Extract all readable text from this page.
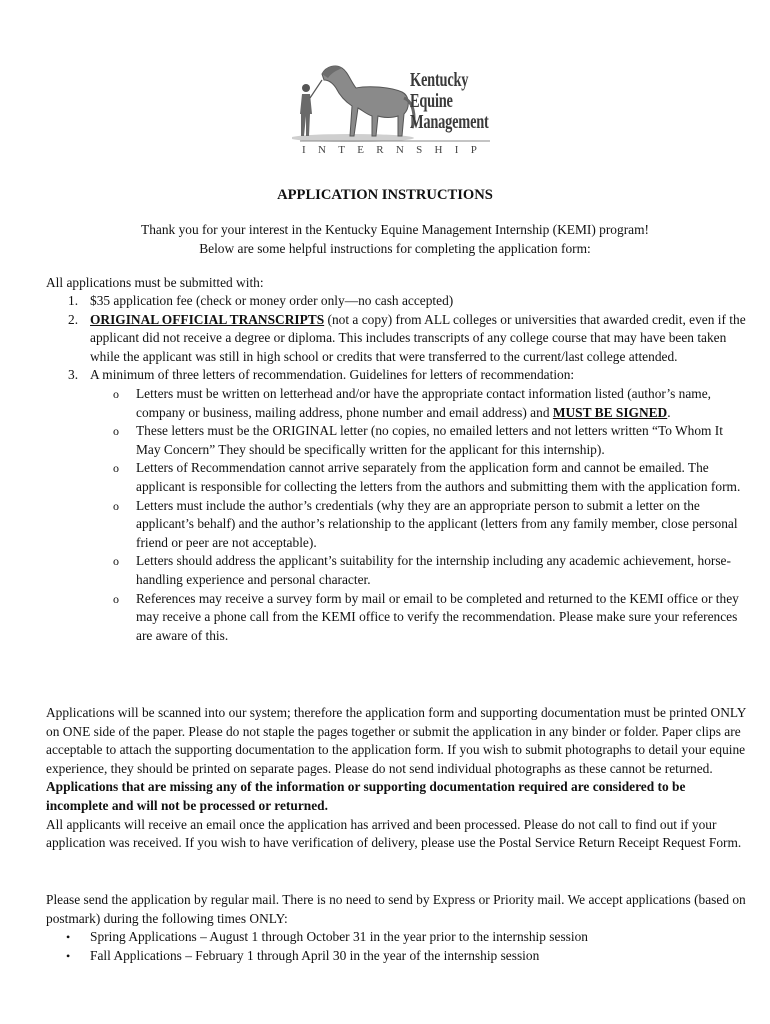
Kentucky
Equine
Management
INTERNSHIP
APPLICATION INSTRUCTIONS
Thank you for your interest in the Kentucky Equine Management Internship (KEMI) program!
Below are some helpful instructions for completing the application form:
All applications must be submitted with:
1. $35 application fee (check or money order only—no cash accepted)
2. ORIGINAL OFFICIAL TRANSCRIPTS (not a copy) from ALL colleges or universities that awarded credit, even if the applicant did not receive a degree or diploma. This includes transcripts of any college course that may have been taken while the applicant was still in high school or credits that were transferred to the current/last college attended.
3. A minimum of three letters of recommendation. Guidelines for letters of recommendation:
o Letters must be written on letterhead and/or have the appropriate contact information listed (author’s name, company or business, mailing address, phone number and email address) and MUST BE SIGNED.
o These letters must be the ORIGINAL letter (no copies, no emailed letters and not letters written “To Whom It May Concern” They should be specifically written for the applicant for this internship).
o Letters of Recommendation cannot arrive separately from the application form and cannot be emailed. The applicant is responsible for collecting the letters from the authors and submitting them with the application form.
o Letters must include the author’s credentials (why they are an appropriate person to submit a letter on the applicant’s behalf) and the author’s relationship to the applicant (letters from any family member, close personal friend or peer are not acceptable).
o Letters should address the applicant’s suitability for the internship including any academic achievement, horse-handling experience and personal character.
o References may receive a survey form by mail or email to be completed and returned to the KEMI office or they may receive a phone call from the KEMI office to verify the recommendation. Please make sure your references are aware of this.
Applications will be scanned into our system; therefore the application form and supporting documentation must be printed ONLY on ONE side of the paper. Please do not staple the pages together or submit the application in any binder or folder. Paper clips are acceptable to attach the supporting documentation to the application form. If you wish to submit photographs to detail your equine experience, they should be printed on separate pages. Please do not send individual photographs as these cannot be returned. Applications that are missing any of the information or supporting documentation required are considered to be incomplete and will not be processed or returned.
All applicants will receive an email once the application has arrived and been processed. Please do not call to find out if your application was received. If you wish to have verification of delivery, please use the Postal Service Return Receipt Request Form.
Please send the application by regular mail. There is no need to send by Express or Priority mail. We accept applications (based on postmark) during the following times ONLY:
• Spring Applications – August 1 through October 31 in the year prior to the internship session
• Fall Applications – February 1 through April 30 in the year of the internship session
